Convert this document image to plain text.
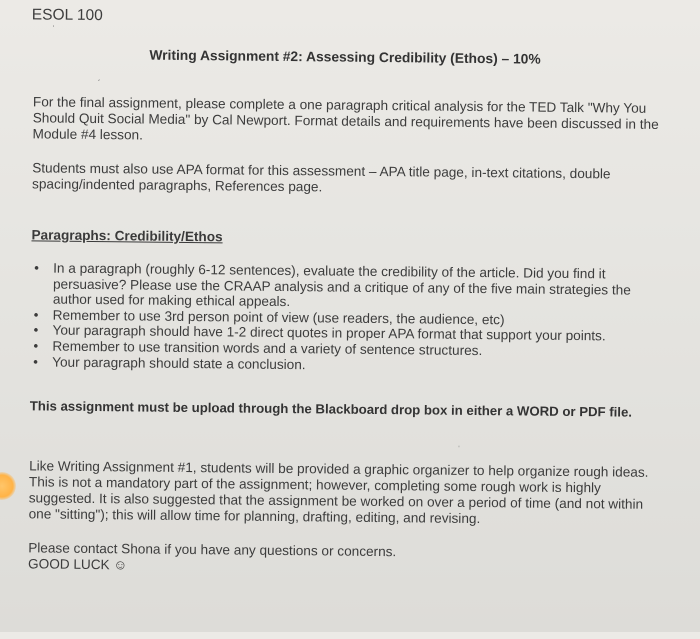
ESOL 100
ˈ
Writing Assignment #2: Assessing Credibility (Ethos) – 10%
ˏ
For the final assignment, please complete a one paragraph critical analysis for the TED Talk "Why You Should Quit Social Media" by Cal Newport. Format details and requirements have been discussed in the Module #4 lesson.
Students must also use APA format for this assessment – APA title page, in-text citations, double spacing/indented paragraphs, References page.
Paragraphs: Credibility/Ethos
• In a paragraph (roughly 6-12 sentences), evaluate the credibility of the article. Did you find it persuasive? Please use the CRAAP analysis and a critique of any of the five main strategies the author used for making ethical appeals.
• Remember to use 3rd person point of view (use readers, the audience, etc)
• Your paragraph should have 1-2 direct quotes in proper APA format that support your points.
• Remember to use transition words and a variety of sentence structures.
• Your paragraph should state a conclusion.
This assignment must be upload through the Blackboard drop box in either a WORD or PDF file.
ˈ
Like Writing Assignment #1, students will be provided a graphic organizer to help organize rough ideas. This is not a mandatory part of the assignment; however, completing some rough work is highly suggested. It is also suggested that the assignment be worked on over a period of time (and not within one "sitting"); this will allow time for planning, drafting, editing, and revising.
Please contact Shona if you have any questions or concerns.
GOOD LUCK ☺
